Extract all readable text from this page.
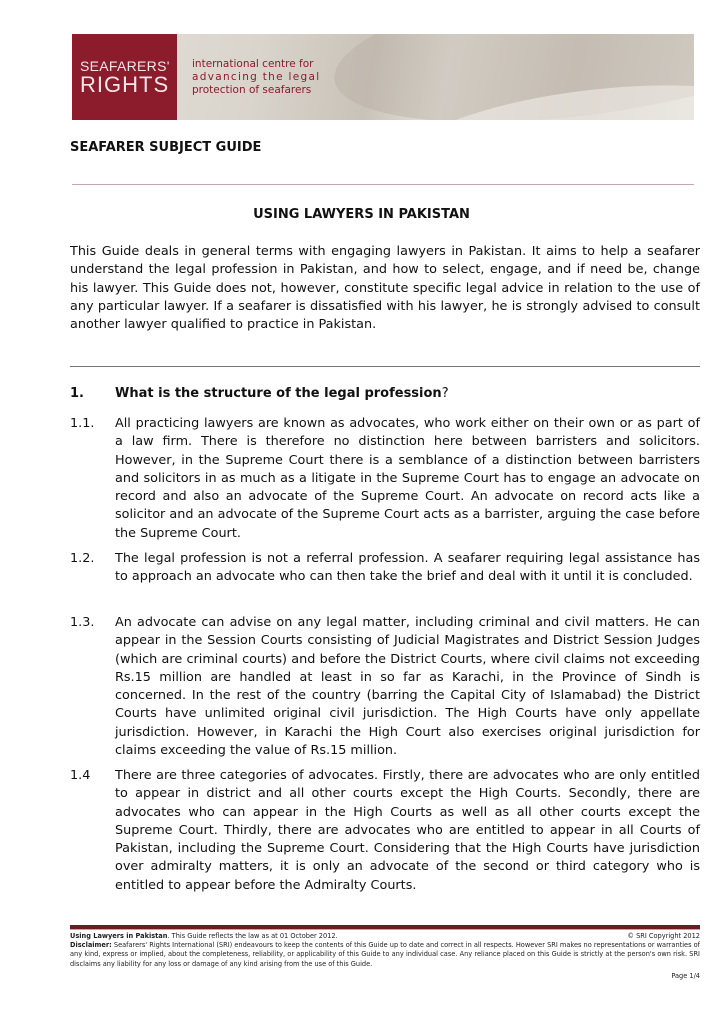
SEAFARERS'
RIGHTS
international centre for
advancing the legal
protection of seafarers
SEAFARER SUBJECT GUIDE
USING LAWYERS IN PAKISTAN
This Guide deals in general terms with engaging lawyers in Pakistan. It aims to help a seafarer understand the legal profession in Pakistan, and how to select, engage, and if need be, change his lawyer. This Guide does not, however, constitute specific legal advice in relation to the use of any particular lawyer. If a seafarer is dissatisfied with his lawyer, he is strongly advised to consult another lawyer qualified to practice in Pakistan.
1. What is the structure of the legal profession?
1.1. All practicing lawyers are known as advocates, who work either on their own or as part of a law firm. There is therefore no distinction here between barristers and solicitors. However, in the Supreme Court there is a semblance of a distinction between barristers and solicitors in as much as a litigate in the Supreme Court has to engage an advocate on record and also an advocate of the Supreme Court. An advocate on record acts like a solicitor and an advocate of the Supreme Court acts as a barrister, arguing the case before the Supreme Court.
1.2. The legal profession is not a referral profession. A seafarer requiring legal assistance has to approach an advocate who can then take the brief and deal with it until it is concluded.
1.3. An advocate can advise on any legal matter, including criminal and civil matters. He can appear in the Session Courts consisting of Judicial Magistrates and District Session Judges (which are criminal courts) and before the District Courts, where civil claims not exceeding Rs.15 million are handled at least in so far as Karachi, in the Province of Sindh is concerned. In the rest of the country (barring the Capital City of Islamabad) the District Courts have unlimited original civil jurisdiction. The High Courts have only appellate jurisdiction. However, in Karachi the High Court also exercises original jurisdiction for claims exceeding the value of Rs.15 million.
1.4 There are three categories of advocates. Firstly, there are advocates who are only entitled to appear in district and all other courts except the High Courts. Secondly, there are advocates who can appear in the High Courts as well as all other courts except the Supreme Court. Thirdly, there are advocates who are entitled to appear in all Courts of Pakistan, including the Supreme Court. Considering that the High Courts have jurisdiction over admiralty matters, it is only an advocate of the second or third category who is entitled to appear before the Admiralty Courts.
Using Lawyers in Pakistan. This Guide reflects the law as at 01 October 2012.	© SRI Copyright 2012
Disclaimer: Seafarers' Rights International (SRI) endeavours to keep the contents of this Guide up to date and correct in all respects. However SRI makes no representations or warranties of any kind, express or implied, about the completeness, reliability, or applicability of this Guide to any individual case. Any reliance placed on this Guide is strictly at the person's own risk. SRI disclaims any liability for any loss or damage of any kind arising from the use of this Guide.
Page 1/4
